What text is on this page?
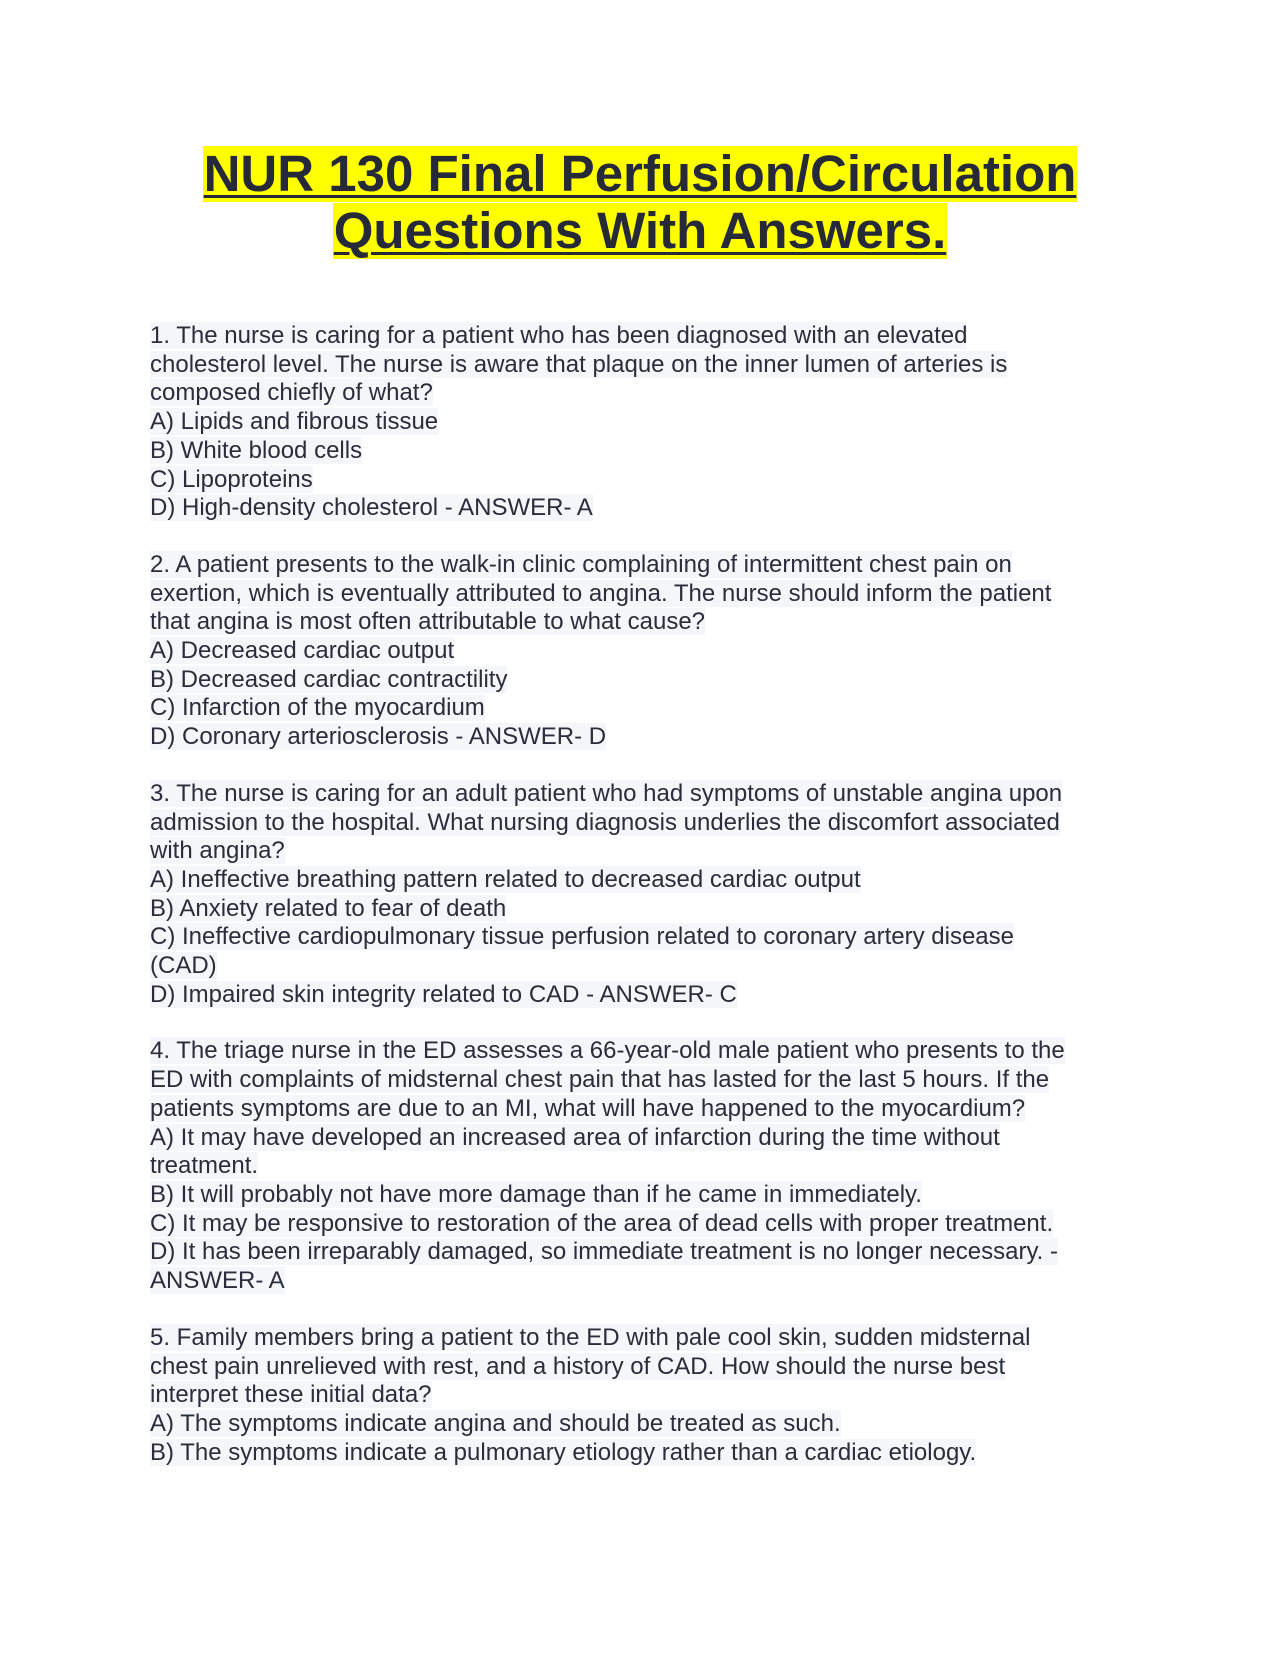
NUR 130 Final Perfusion/Circulation
Questions With Answers.
1. The nurse is caring for a patient who has been diagnosed with an elevated
cholesterol level. The nurse is aware that plaque on the inner lumen of arteries is
composed chiefly of what?
A) Lipids and fibrous tissue
B) White blood cells
C) Lipoproteins
D) High-density cholesterol - ANSWER- A
2. A patient presents to the walk-in clinic complaining of intermittent chest pain on
exertion, which is eventually attributed to angina. The nurse should inform the patient
that angina is most often attributable to what cause?
A) Decreased cardiac output
B) Decreased cardiac contractility
C) Infarction of the myocardium
D) Coronary arteriosclerosis - ANSWER- D
3. The nurse is caring for an adult patient who had symptoms of unstable angina upon
admission to the hospital. What nursing diagnosis underlies the discomfort associated
with angina?
A) Ineffective breathing pattern related to decreased cardiac output
B) Anxiety related to fear of death
C) Ineffective cardiopulmonary tissue perfusion related to coronary artery disease
(CAD)
D) Impaired skin integrity related to CAD - ANSWER- C
4. The triage nurse in the ED assesses a 66-year-old male patient who presents to the
ED with complaints of midsternal chest pain that has lasted for the last 5 hours. If the
patients symptoms are due to an MI, what will have happened to the myocardium?
A) It may have developed an increased area of infarction during the time without
treatment.
B) It will probably not have more damage than if he came in immediately.
C) It may be responsive to restoration of the area of dead cells with proper treatment.
D) It has been irreparably damaged, so immediate treatment is no longer necessary. -
ANSWER- A
5. Family members bring a patient to the ED with pale cool skin, sudden midsternal
chest pain unrelieved with rest, and a history of CAD. How should the nurse best
interpret these initial data?
A) The symptoms indicate angina and should be treated as such.
B) The symptoms indicate a pulmonary etiology rather than a cardiac etiology.
